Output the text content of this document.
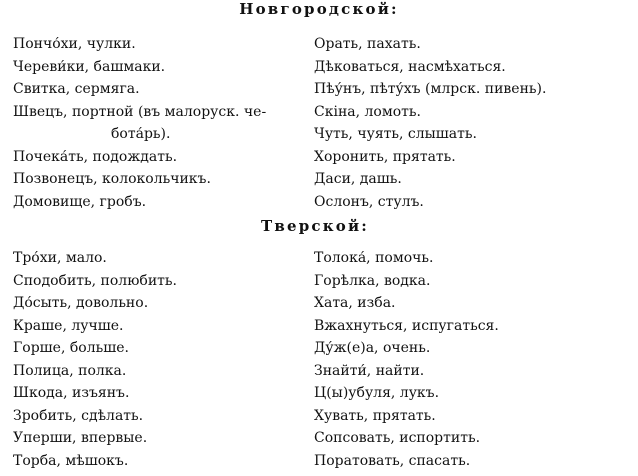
Новгородской:
Пончо́хи, чулки.
Череви́ки, башмаки.
Свитка, сермяга.
Швецъ, портной (въ малоруск. че-
бота́рь).
Почека́ть, подождать.
Позвонецъ, колокольчикъ.
Домовище, гробъ.
Орать, пахать.
Дѣковаться, насмѣхаться.
Пѣу́нъ, пѣту́хъ (млрск. пивень).
Скіна, ломоть.
Чуть, чуять, слышать.
Хоронить, прятать.
Даси, дашь.
Ослонъ, стулъ.
Тверской:
Тро́хи, мало.
Сподобить, полюбить.
До́сыть, довольно.
Краше, лучше.
Горше, больше.
Полица, полка.
Шкода, изъянъ.
Зробить, сдѣлать.
Уперши, впервые.
Торба, мѣшокъ.
Толока́, помочь.
Горѣлка, водка.
Хата, изба.
Вжахнуться, испугаться.
Ду́ж(е)а, очень.
Знайти́, найти.
Ц(ы)убуля, лукъ.
Хувать, прятать.
Сопсовать, испортить.
Поратовать, спасать.
